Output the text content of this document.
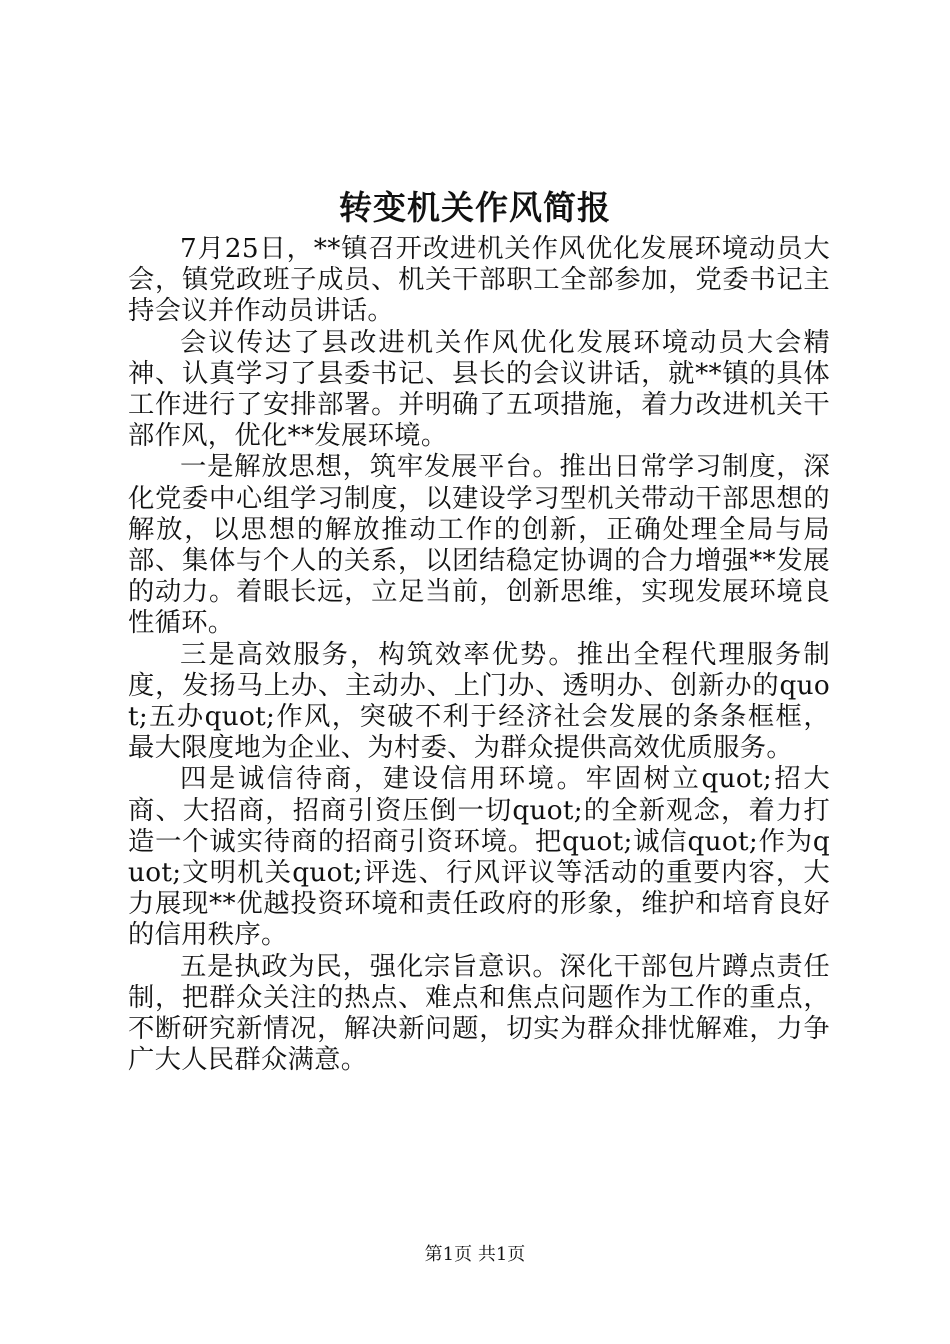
转变机关作风简报

7月25日，**镇召开改进机关作风优化发展环境动员大会，镇党政班子成员、机关干部职工全部参加，党委书记主持会议并作动员讲话。

会议传达了县改进机关作风优化发展环境动员大会精神、认真学习了县委书记、县长的会议讲话，就**镇的具体工作进行了安排部署。并明确了五项措施，着力改进机关干部作风，优化**发展环境。

一是解放思想，筑牢发展平台。推出日常学习制度，深化党委中心组学习制度，以建设学习型机关带动干部思想的解放，以思想的解放推动工作的创新，正确处理全局与局部、集体与个人的关系，以团结稳定协调的合力增强**发展的动力。着眼长远，立足当前，创新思维，实现发展环境良性循环。

三是高效服务，构筑效率优势。推出全程代理服务制度，发扬马上办、主动办、上门办、透明办、创新办的quot;五办quot;作风，突破不利于经济社会发展的条条框框，最大限度地为企业、为村委、为群众提供高效优质服务。

四是诚信待商，建设信用环境。牢固树立quot;招大商、大招商，招商引资压倒一切quot;的全新观念，着力打造一个诚实待商的招商引资环境。把quot;诚信quot;作为quot;文明机关quot;评选、行风评议等活动的重要内容，大力展现**优越投资环境和责任政府的形象，维护和培育良好的信用秩序。

五是执政为民，强化宗旨意识。深化干部包片蹲点责任制，把群众关注的热点、难点和焦点问题作为工作的重点，不断研究新情况，解决新问题，切实为群众排忧解难，力争广大人民群众满意。

第1页 共1页
